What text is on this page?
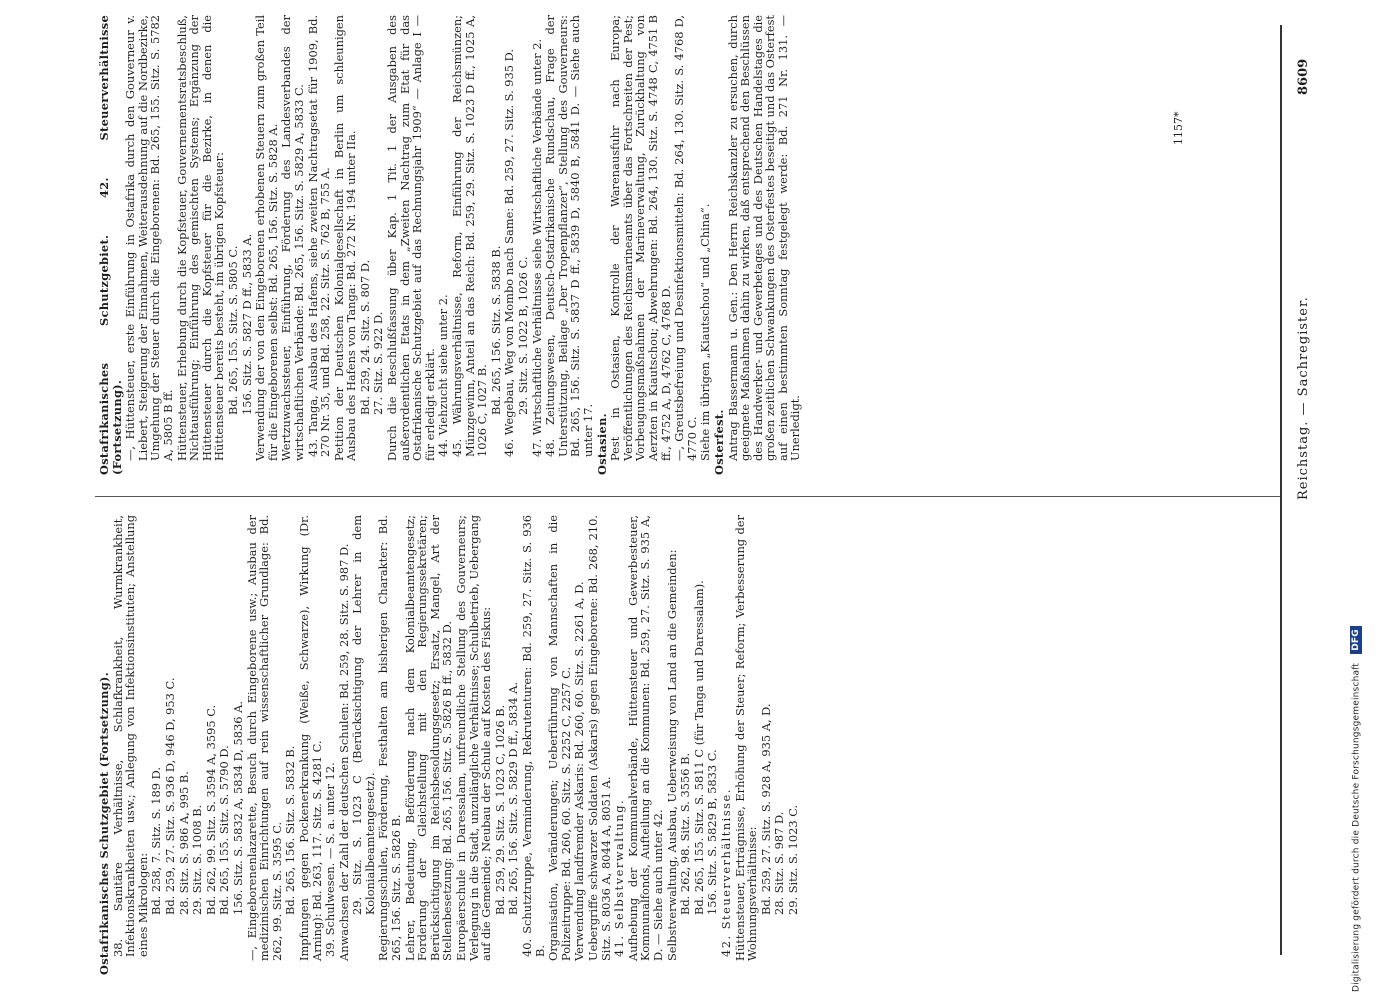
Reichstag. — Sachregister.
8609

Ostafrikanisches Schutzgebiet (Fortsetzung). 38. Sanitäre Verhältnisse, Schlafkrankheit, Wurmkrankheit, Infektionskrankheiten usw.; Anlegung von Infektionsinstituten; Anstellung eines Mikrologen: Bd. 258, 7. Sitz. S. 189 D. Bd. 259, 27. Sitz. S. 936 D, 946 D, 953 C. 28. Sitz. S. 986 A, 995 B. 29. Sitz. S. 1008 B. Bd. 262, 99. Sitz. S. 3594 A, 3595 C. Bd. 265, 155. Sitz. S. 5790 D. 156. Sitz. S. 5832 A, 5834 D, 5836 A. —, Eingeborenenlazarette, Besuch durch Eingeborene usw.; Ausbau der medizinischen Einrichtungen auf rein wissenschaftlicher Grundlage: Bd. 262, 99. Sitz. S. 3595 C. Bd. 265, 156. Sitz. S. 5832 B. Impfungen gegen Pockenerkrankung (Weiße, Schwarze), Wirkung (Dr. Arning): Bd. 263, 117. Sitz. S. 4281 C. 39. Schulwesen. — S. a. unter 12. Anwachsen der Zahl der deutschen Schulen: Bd. 259, 28. Sitz. S. 987 D. 29. Sitz. S. 1023 C (Berücksichtigung der Lehrer in dem Kolonialbeamtengesetz). Regierungsschulen, Förderung, Festhalten am bisherigen Charakter: Bd. 265, 156. Sitz. S. 5826 B. Lehrer, Bedeutung, Beförderung nach dem Kolonialbeamtengesetz; Forderung der Gleichstellung mit den Regierungssekretären; Berücksichtigung im Reichsbesoldungsgesetz; Ersatz, Mangel, Art der Stellenbesetzung: Bd. 265, 156. Sitz. S. 5826 B ff., 5832 D. Europäerschule in Daressalam, unfreundliche Stellung des Gouverneurs; Verlegung in die Stadt, unzulängliche Verhältnisse; Schulbetrieb, Uebergang auf die Gemeinde; Neubau der Schule auf Kosten des Fiskus: Bd. 259, 29. Sitz. S. 1023 C, 1026 B. Bd. 265, 156. Sitz. S. 5829 D ff., 5834 A. 40. Schutztruppe, Verminderung, Rekrutenturen: Bd. 259, 27. Sitz. S. 936 B. Organisation, Veränderungen; Ueberführung von Mannschaften in die Polizeitruppe: Bd. 260, 60. Sitz. S. 2252 C, 2257 C. Verwendung landfremder Askaris: Bd. 260, 60. Sitz. S. 2261 A, D. Uebergriffe schwarzer Soldaten (Askaris) gegen Eingeborene: Bd. 268, 210. Sitz. S. 8036 A, 8044 A, 8051 A. 41. Selbstverwaltung. Aufhebung der Kommunalverbände, Hüttensteuer und Gewerbesteuer, Kommunalfonds, Aufteilung an die Kommunen: Bd. 259, 27. Sitz. S. 935 A, D. — Siehe auch unter 42. Selbstverwaltung, Ausbau, Ueberweisung von Land an die Gemeinden: Bd. 262, 98. Sitz. S. 3556 B. Bd. 265, 155. Sitz. S. 5811 C (für Tanga und Daressalam). 156. Sitz. S. 5829 B, 5833 C. 42. Steuerverhältnisse. Hüttensteuer, Erträgnisse, Erhöhung der Steuer; Reform; Verbesserung der Wohnungsverhältnisse: Bd. 259, 27. Sitz. S. 928 A, 935 A, D. 28. Sitz. S. 987 D. 29. Sitz. S. 1023 C.

Ostafrikanisches Schutzgebiet. 42. Steuerverhältnisse (Fortsetzung). —, Hüttensteuer, erste Einführung in Ostafrika durch den Gouverneur v. Liebert, Steigerung der Einnahmen, Weiterausdehnung auf die Nordbezirke, Umgehung der Steuer durch die Eingeborenen: Bd. 265, 155. Sitz. S. 5782 A, 5805 B ff. Hüttensteuer, Erhebung durch die Kopfsteuer, Gouvernementsratsbeschluß, Nichtausführung; Einführung des gemischten Systems; Ergänzung der Hüttensteuer durch die Kopfsteuer für die Bezirke, in denen die Hüttensteuer bereits besteht, im übrigen Kopfsteuer: Bd. 265, 155. Sitz. S. 5805 C. 156. Sitz. S. 5827 D ff., 5833 A. Verwendung der von den Eingeborenen erhobenen Steuern zum großen Teil für die Eingeborenen selbst: Bd. 265, 156. Sitz. S. 5828 A. Wertzuwachssteuer, Einführung, Förderung des Landesverbandes der wirtschaftlichen Verbände: Bd. 265, 156. Sitz. S. 5829 A, 5833 C. 43. Tanga, Ausbau des Hafens, siehe zweiten Nachtragsetat für 1909, Bd. 270 Nr. 35, und Bd. 258, 22. Sitz. S. 762 B, 755 A. Petition der Deutschen Kolonialgesellschaft in Berlin um schleunigen Ausbau des Hafens von Tanga: Bd. 272 Nr. 194 unter IIa. Bd. 259, 24. Sitz. S. 807 D. 27. Sitz. S. 922 D. Durch die Beschlußfassung über Kap. 1 Tit. 1 der Ausgaben des außerordentlichen Etats in dem „Zweiten Nachtrag zum Etat für das Ostafrikanische Schutzgebiet auf das Rechnungsjahr 1909“ — Anlage I — für erledigt erklärt. 44. Viehzucht siehe unter 2. 45. Währungsverhältnisse, Reform, Einführung der Reichsmünzen; Münzgewinn, Anteil an das Reich: Bd. 259, 29. Sitz. S. 1023 D ff., 1025 A, 1026 C, 1027 B. Bd. 265, 156. Sitz. S. 5838 B. 46. Wegebau, Weg von Mombo nach Same: Bd. 259, 27. Sitz. S. 935 D. 29. Sitz. S. 1022 B, 1026 C. 47. Wirtschaftliche Verhältnisse siehe Wirtschaftliche Verbände unter 2. 48. Zeitungswesen, Deutsch-Ostafrikanische Rundschau, Frage der Unterstützung, Beilage „Der Tropenpflanzer“, Stellung des Gouverneurs: Bd. 265, 156. Sitz. S. 5837 D ff., 5839 D, 5840 B, 5841 D. — Siehe auch unter 17. Ostasien. Pest in Ostasien, Kontrolle der Warenausfuhr nach Europa; Veröffentlichungen des Reichsmarineamts über das Fortschreiten der Pest; Vorbeugungsmaßnahmen der Marineverwaltung, Zurückhaltung von Aerzten in Kiautschou; Abwehrungen: Bd. 264, 130. Sitz. S. 4748 C, 4751 B ff., 4752 A, D, 4762 C, 4768 D. —, Greutsbefreiung und Desinfektionsmitteln: Bd. 264, 130. Sitz. S. 4768 D, 4770 C. Siehe im übrigen „Kiautschou“ und „China“. Osterfest. Antrag Bassermann u. Gen.: Den Herrn Reichskanzler zu ersuchen, durch geeignete Maßnahmen dahin zu wirken, daß entsprechend den Beschlüssen des Handwerker- und Gewerbetages und des Deutschen Handelstages die großen zeitlichen Schwankungen des Osterfestes beseitigt und das Osterfest auf einen bestimmten Sonntag festgelegt werde: Bd. 271 Nr. 131. — Unerledigt.

1157*
Digitalisierung gefördert durch die Deutsche Forschungsgemeinschaft DFG
